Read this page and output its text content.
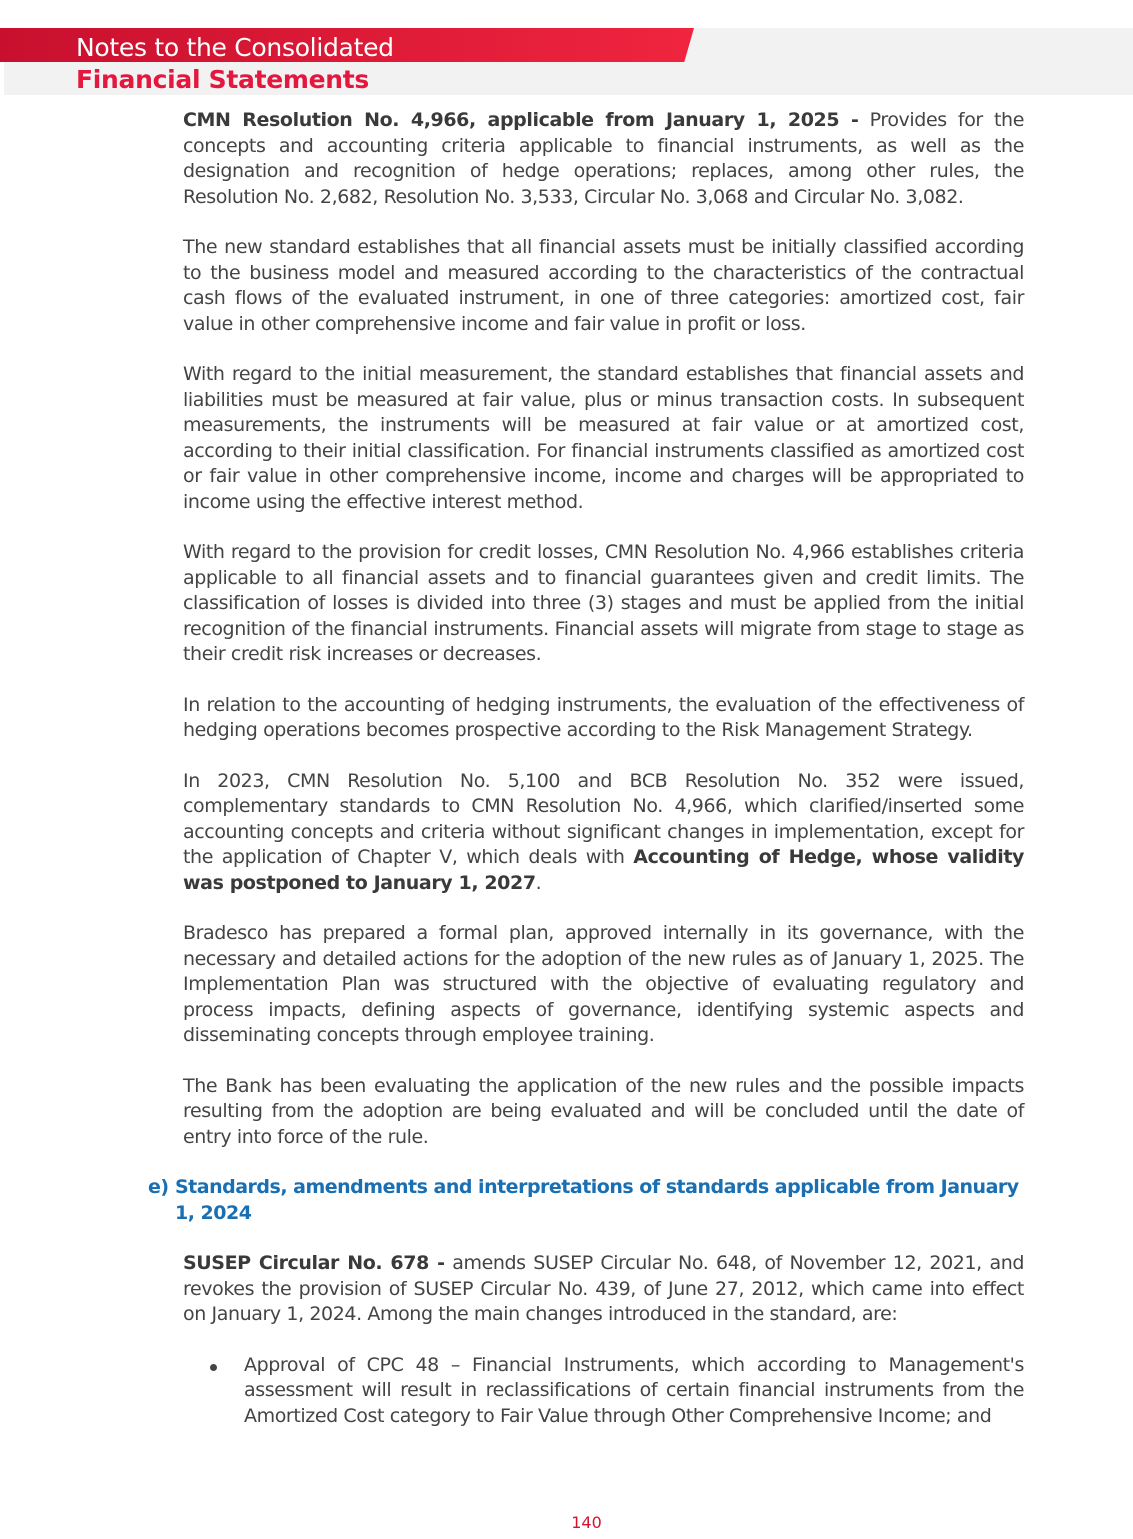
Notes to the Consolidated
Financial Statements

CMN Resolution No. 4,966, applicable from January 1, 2025 - Provides for the concepts and accounting criteria applicable to financial instruments, as well as the designation and recognition of hedge operations; replaces, among other rules, the Resolution No. 2,682, Resolution No. 3,533, Circular No. 3,068 and Circular No. 3,082.

The new standard establishes that all financial assets must be initially classified according to the business model and measured according to the characteristics of the contractual cash flows of the evaluated instrument, in one of three categories: amortized cost, fair value in other comprehensive income and fair value in profit or loss.

With regard to the initial measurement, the standard establishes that financial assets and liabilities must be measured at fair value, plus or minus transaction costs. In subsequent measurements, the instruments will be measured at fair value or at amortized cost, according to their initial classification. For financial instruments classified as amortized cost or fair value in other comprehensive income, income and charges will be appropriated to income using the effective interest method.

With regard to the provision for credit losses, CMN Resolution No. 4,966 establishes criteria applicable to all financial assets and to financial guarantees given and credit limits. The classification of losses is divided into three (3) stages and must be applied from the initial recognition of the financial instruments. Financial assets will migrate from stage to stage as their credit risk increases or decreases.

In relation to the accounting of hedging instruments, the evaluation of the effectiveness of hedging operations becomes prospective according to the Risk Management Strategy.

In 2023, CMN Resolution No. 5,100 and BCB Resolution No. 352 were issued, complementary standards to CMN Resolution No. 4,966, which clarified/inserted some accounting concepts and criteria without significant changes in implementation, except for the application of Chapter V, which deals with Accounting of Hedge, whose validity was postponed to January 1, 2027.

Bradesco has prepared a formal plan, approved internally in its governance, with the necessary and detailed actions for the adoption of the new rules as of January 1, 2025. The Implementation Plan was structured with the objective of evaluating regulatory and process impacts, defining aspects of governance, identifying systemic aspects and disseminating concepts through employee training.

The Bank has been evaluating the application of the new rules and the possible impacts resulting from the adoption are being evaluated and will be concluded until the date of entry into force of the rule.

e) Standards, amendments and interpretations of standards applicable from January 1, 2024

SUSEP Circular No. 678 - amends SUSEP Circular No. 648, of November 12, 2021, and revokes the provision of SUSEP Circular No. 439, of June 27, 2012, which came into effect on January 1, 2024. Among the main changes introduced in the standard, are:

Approval of CPC 48 – Financial Instruments, which according to Management's assessment will result in reclassifications of certain financial instruments from the Amortized Cost category to Fair Value through Other Comprehensive Income; and
140
